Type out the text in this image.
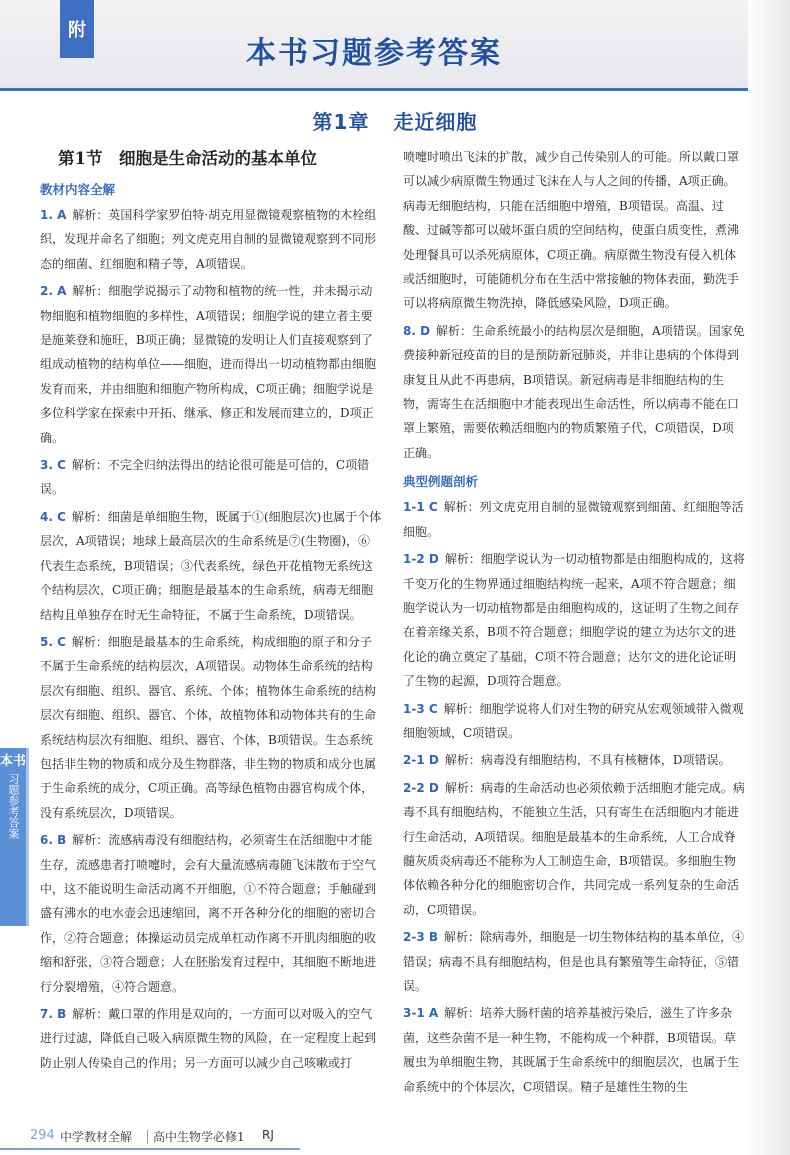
附
本书习题参考答案
第1章 走近细胞
第1节　细胞是生命活动的基本单位
教材内容全解
1. A 解析：英国科学家罗伯特·胡克用显微镜观察植物的木栓组织，发现并命名了细胞；列文虎克用自制的显微镜观察到不同形态的细菌、红细胞和精子等，A项错误。
2. A 解析：细胞学说揭示了动物和植物的统一性，并未揭示动物细胞和植物细胞的多样性，A项错误；细胞学说的建立者主要是施莱登和施旺，B项正确；显微镜的发明让人们直接观察到了组成动植物的结构单位——细胞，进而得出一切动植物都由细胞发育而来，并由细胞和细胞产物所构成，C项正确；细胞学说是多位科学家在探索中开拓、继承、修正和发展而建立的，D项正确。
3. C 解析：不完全归纳法得出的结论很可能是可信的，C项错误。
4. C 解析：细菌是单细胞生物，既属于①(细胞层次)也属于个体层次，A项错误；地球上最高层次的生命系统是⑦(生物圈)，⑥代表生态系统，B项错误；③代表系统，绿色开花植物无系统这个结构层次，C项正确；细胞是最基本的生命系统，病毒无细胞结构且单独存在时无生命特征，不属于生命系统，D项错误。
5. C 解析：细胞是最基本的生命系统，构成细胞的原子和分子不属于生命系统的结构层次，A项错误。动物体生命系统的结构层次有细胞、组织、器官、系统、个体；植物体生命系统的结构层次有细胞、组织、器官、个体，故植物体和动物体共有的生命系统结构层次有细胞、组织、器官、个体，B项错误。生态系统包括非生物的物质和成分及生物群落，非生物的物质和成分也属于生命系统的成分，C项正确。高等绿色植物由器官构成个体，没有系统层次，D项错误。
6. B 解析：流感病毒没有细胞结构，必须寄生在活细胞中才能生存，流感患者打喷嚏时，会有大量流感病毒随飞沫散布于空气中，这不能说明生命活动离不开细胞，①不符合题意；手触碰到盛有沸水的电水壶会迅速缩回，离不开各种分化的细胞的密切合作，②符合题意；体操运动员完成单杠动作离不开肌肉细胞的收缩和舒张，③符合题意；人在胚胎发育过程中，其细胞不断地进行分裂增殖，④符合题意。
7. B 解析：戴口罩的作用是双向的，一方面可以对吸入的空气进行过滤，降低自己吸入病原微生物的风险，在一定程度上起到防止别人传染自己的作用；另一方面可以减少自己咳嗽或打
喷嚏时喷出飞沫的扩散，减少自己传染别人的可能。所以戴口罩可以减少病原微生物通过飞沫在人与人之间的传播，A项正确。病毒无细胞结构，只能在活细胞中增殖，B项错误。高温、过酸、过碱等都可以破坏蛋白质的空间结构，使蛋白质变性，煮沸处理餐具可以杀死病原体，C项正确。病原微生物没有侵入机体或活细胞时，可能随机分布在生活中常接触的物体表面，勤洗手可以将病原微生物洗掉，降低感染风险，D项正确。
8. D 解析：生命系统最小的结构层次是细胞，A项错误。国家免费接种新冠疫苗的目的是预防新冠肺炎，并非让患病的个体得到康复且从此不再患病，B项错误。新冠病毒是非细胞结构的生物，需寄生在活细胞中才能表现出生命活性，所以病毒不能在口罩上繁殖，需要依赖活细胞内的物质繁殖子代，C项错误，D项正确。
典型例题剖析
1-1 C 解析：列文虎克用自制的显微镜观察到细菌、红细胞等活细胞。
1-2 D 解析：细胞学说认为一切动植物都是由细胞构成的，这将千变万化的生物界通过细胞结构统一起来，A项不符合题意；细胞学说认为一切动植物都是由细胞构成的，这证明了生物之间存在着亲缘关系，B项不符合题意；细胞学说的建立为达尔文的进化论的确立奠定了基础，C项不符合题意；达尔文的进化论证明了生物的起源，D项符合题意。
1-3 C 解析：细胞学说将人们对生物的研究从宏观领域带入微观细胞领域，C项错误。
2-1 D 解析：病毒没有细胞结构，不具有核糖体，D项错误。
2-2 D 解析：病毒的生命活动也必须依赖于活细胞才能完成。病毒不具有细胞结构，不能独立生活，只有寄生在活细胞内才能进行生命活动，A项错误。细胞是最基本的生命系统，人工合成脊髓灰质炎病毒还不能称为人工制造生命，B项错误。多细胞生物体依赖各种分化的细胞密切合作，共同完成一系列复杂的生命活动，C项错误。
2-3 B 解析：除病毒外，细胞是一切生物体结构的基本单位，④错误；病毒不具有细胞结构，但是也具有繁殖等生命特征，⑤错误。
3-1 A 解析：培养大肠杆菌的培养基被污染后，滋生了许多杂菌，这些杂菌不是一种生物，不能构成一个种群，B项错误。草履虫为单细胞生物，其既属于生命系统中的细胞层次，也属于生命系统中的个体层次，C项错误。精子是雄性生物的生
本书
习题参考答案
294 中学教材全解 高中生物学必修1 RJ
